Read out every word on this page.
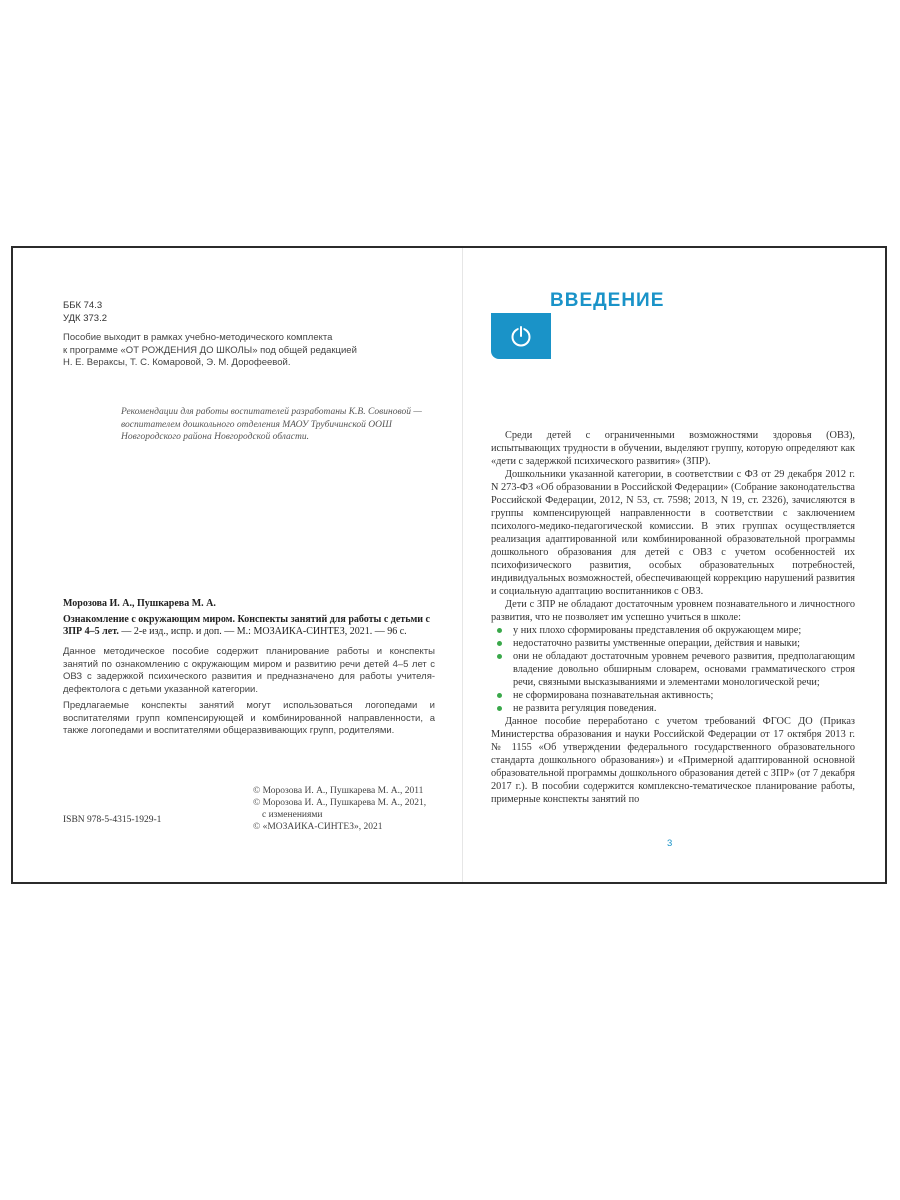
ББК 74.3
УДК 373.2
Пособие выходит в рамках учебно-методического комплекта
к программе «ОТ РОЖДЕНИЯ ДО ШКОЛЫ» под общей редакцией
Н. Е. Вераксы, Т. С. Комаровой, Э. М. Дорофеевой.
Рекомендации для работы воспитателей разработаны К.В. Совиновой —
воспитателем дошкольного отделения МАОУ Трубичинской ООШ
Новгородского района Новгородской области.
Морозова И. А., Пушкарева М. А.
Ознакомление с окружающим миром. Конспекты занятий для работы с детьми с ЗПР 4–5 лет. — 2-е изд., испр. и доп. — М.: МОЗАИКА-СИНТЕЗ, 2021. — 96 с.

Данное методическое пособие содержит планирование работы и конспекты занятий по ознакомлению с окружающим миром и развитию речи детей 4–5 лет с ОВЗ с задержкой психического развития и предназначено для работы учителя-дефектолога с детьми указанной категории.

Предлагаемые конспекты занятий могут использоваться логопедами и воспитателями групп компенсирующей и комбинированной направленности, а также логопедами и воспитателями общеразвивающих групп, родителями.

© Морозова И. А., Пушкарева М. А., 2011
© Морозова И. А., Пушкарева М. А., 2021,
с изменениями
© «МОЗАИКА-СИНТЕЗ», 2021
ISBN 978-5-4315-1929-1
ВВЕДЕНИЕ

Среди детей с ограниченными возможностями здоровья (ОВЗ), испытывающих трудности в обучении, выделяют группу, которую определяют как «дети с задержкой психического развития» (ЗПР).

Дошкольники указанной категории, в соответствии с ФЗ от 29 декабря 2012 г. N 273-ФЗ «Об образовании в Российской Федерации» (Собрание законодательства Российской Федерации, 2012, N 53, ст. 7598; 2013, N 19, ст. 2326), зачисляются в группы компенсирующей направленности в соответствии с заключением психолого-медико-педагогической комиссии. В этих группах осуществляется реализация адаптированной или комбинированной образовательной программы дошкольного образования для детей с ОВЗ с учетом особенностей их психофизического развития, особых образовательных потребностей, индивидуальных возможностей, обеспечивающей коррекцию нарушений развития и социальную адаптацию воспитанников с ОВЗ.

Дети с ЗПР не обладают достаточным уровнем познавательного и личностного развития, что не позволяет им успешно учиться в школе:

у них плохо сформированы представления об окружающем мире;
недостаточно развиты умственные операции, действия и навыки;
они не обладают достаточным уровнем речевого развития, предполагающим владение довольно обширным словарем, основами грамматического строя речи, связными высказываниями и элементами монологической речи;
не сформирована познавательная активность;
не развита регуляция поведения.

Данное пособие переработано с учетом требований ФГОС ДО (Приказ Министерства образования и науки Российской Федерации от 17 октября 2013 г. № 1155 «Об утверждении федерального государственного образовательного стандарта дошкольного образования») и «Примерной адаптированной основной образовательной программы дошкольного образования детей с ЗПР» (от 7 декабря 2017 г.). В пособии содержится комплексно-тематическое планирование работы, примерные конспекты занятий по

3
